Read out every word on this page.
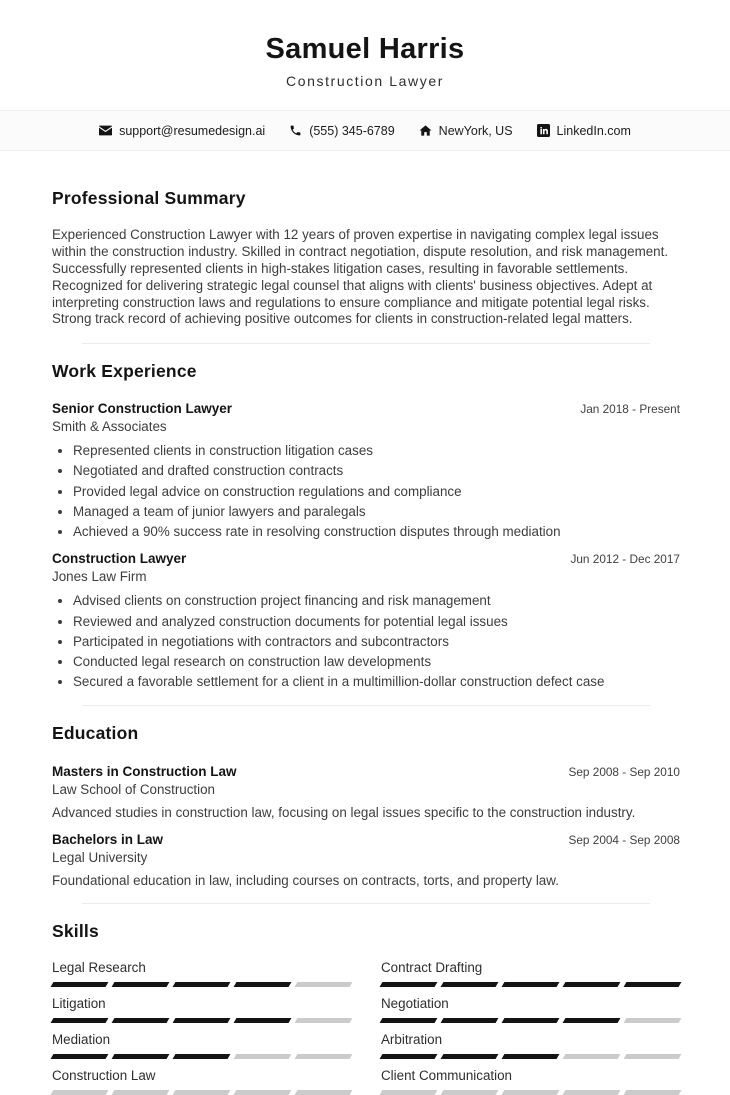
Samuel Harris
Construction Lawyer
support@resumedesign.ai	(555) 345-6789	NewYork, US	LinkedIn.com
Professional Summary

Experienced Construction Lawyer with 12 years of proven expertise in navigating complex legal issues within the construction industry. Skilled in contract negotiation, dispute resolution, and risk management. Successfully represented clients in high-stakes litigation cases, resulting in favorable settlements. Recognized for delivering strategic legal counsel that aligns with clients' business objectives. Adept at interpreting construction laws and regulations to ensure compliance and mitigate potential legal risks. Strong track record of achieving positive outcomes for clients in construction-related legal matters.

Work Experience
Senior Construction Lawyer	Jan 2018 - Present
Smith & Associates
• Represented clients in construction litigation cases
• Negotiated and drafted construction contracts
• Provided legal advice on construction regulations and compliance
• Managed a team of junior lawyers and paralegals
• Achieved a 90% success rate in resolving construction disputes through mediation
Construction Lawyer	Jun 2012 - Dec 2017
Jones Law Firm
• Advised clients on construction project financing and risk management
• Reviewed and analyzed construction documents for potential legal issues
• Participated in negotiations with contractors and subcontractors
• Conducted legal research on construction law developments
• Secured a favorable settlement for a client in a multimillion-dollar construction defect case
Education
Masters in Construction Law	Sep 2008 - Sep 2010
Law School of Construction
Advanced studies in construction law, focusing on legal issues specific to the construction industry.
Bachelors in Law	Sep 2004 - Sep 2008
Legal University
Foundational education in law, including courses on contracts, torts, and property law.
Skills
Legal Research
Litigation
Mediation
Construction Law
Contract Drafting
Negotiation
Arbitration
Client Communication
